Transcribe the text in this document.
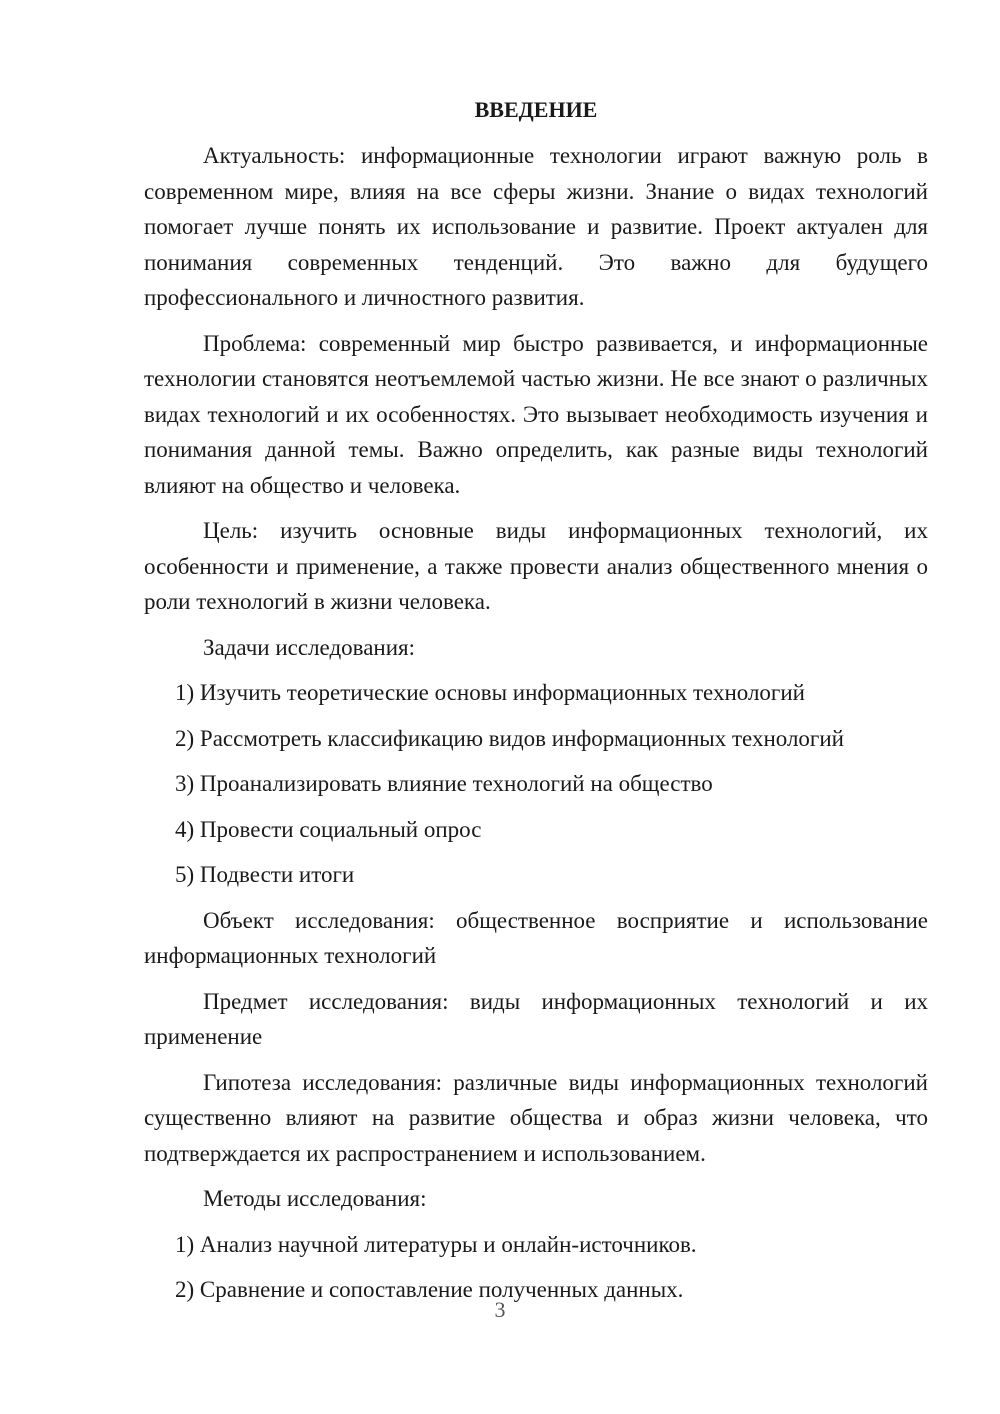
ВВЕДЕНИЕ

Актуальность: информационные технологии играют важную роль в современном мире, влияя на все сферы жизни. Знание о видах технологий помогает лучше понять их использование и развитие. Проект актуален для понимания современных тенденций. Это важно для будущего профессионального и личностного развития.

Проблема: современный мир быстро развивается, и информационные технологии становятся неотъемлемой частью жизни. Не все знают о различных видах технологий и их особенностях. Это вызывает необходимость изучения и понимания данной темы. Важно определить, как разные виды технологий влияют на общество и человека.

Цель: изучить основные виды информационных технологий, их особенности и применение, а также провести анализ общественного мнения о роли технологий в жизни человека.

Задачи исследования:

1) Изучить теоретические основы информационных технологий
2) Рассмотреть классификацию видов информационных технологий
3) Проанализировать влияние технологий на общество
4) Провести социальный опрос
5) Подвести итоги

Объект исследования: общественное восприятие и использование информационных технологий

Предмет исследования: виды информационных технологий и их применение

Гипотеза исследования: различные виды информационных технологий существенно влияют на развитие общества и образ жизни человека, что подтверждается их распространением и использованием.

Методы исследования:

1) Анализ научной литературы и онлайн-источников.
2) Сравнение и сопоставление полученных данных.
3
